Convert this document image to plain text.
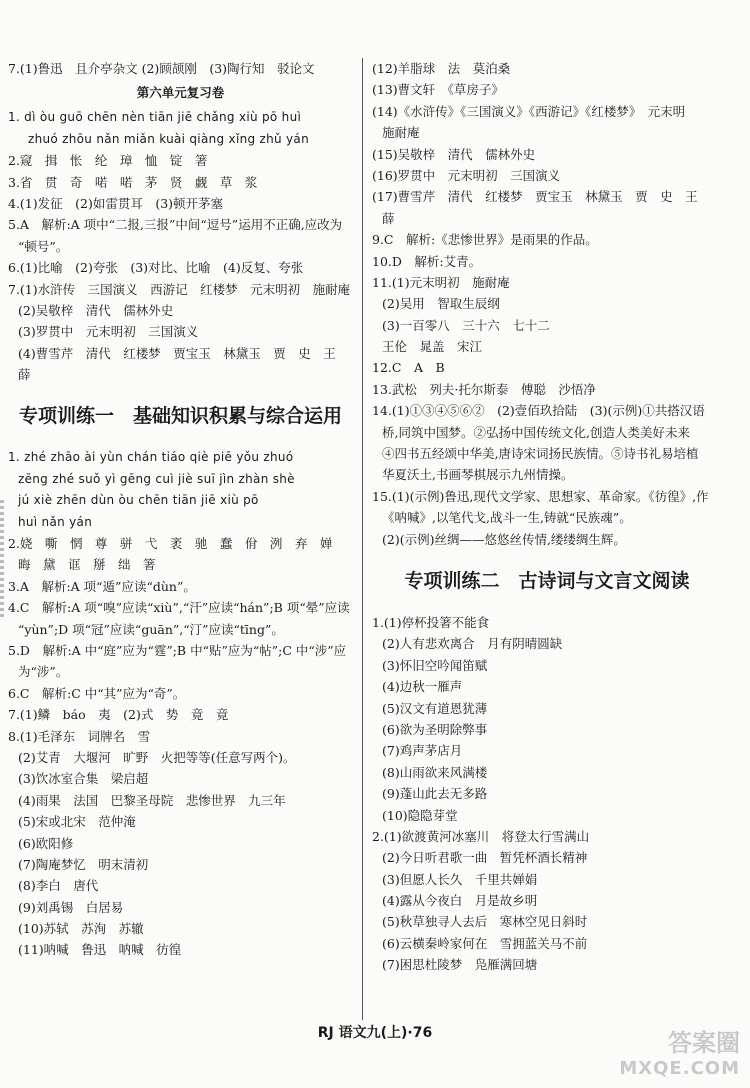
7.(1)鲁迅　且介亭杂文 (2)顾颉刚　(3)陶行知　驳论文
第六单元复习卷
1. dì òu guō chēn nèn tiān jiē chǎng xiù pō huì
zhuó zhōu nǎn miǎn kuài qiàng xǐng zhǔ yán
2.窥　揖　怅　纶　璋　恤　锭　箸
3.省　贯　奇　喏　喏　茅　贤　觑　草　浆
4.(1)发征　(2)如雷贯耳　(3)顿开茅塞
5.A　解析:A 项中“二报,三报”中间“逗号”运用不正确,应改为
“顿号”。
6.(1)比喻　(2)夸张　(3)对比、比喻　(4)反复、夸张
7.(1)水浒传　三国演义　西游记　红楼梦　元末明初　施耐庵
(2)吴敬梓　清代　儒林外史
(3)罗贯中　元末明初　三国演义
(4)曹雪芹　清代　红楼梦　贾宝玉　林黛玉　贾　史　王
薛
专项训练一　基础知识积累与综合运用
1. zhé zhāo ài yùn chán tiáo qiè piē yǒu zhuó
zēng zhé suǒ yì gēng cuì jiè suī jìn zhàn shè
jú xiè zhēn dùn òu chēn tiān jiē xiù pō
huì nǎn yán
2.娆　嘶　惘　尊　骈　弋　袤　驰　蠢　佾　洌　弃　婵
晦　黛　诓　掰　绌　箸
3.A　解析:A 项“遁”应读“dùn”。
4.C　解析:A 项“嗅”应读“xiù”,“汗”应读“hán”;B 项“晕”应读
“yùn”;D 项“冠”应读“guān”,“汀”应读“tīng”。
5.D　解析:A 中“庭”应为“霆”;B 中“贴”应为“帖”;C 中“涉”应
为“涉”。
6.C　解析:C 中“其”应为“奇”。
7.(1)鳞　báo　夷　(2)式　势　竟　竟
8.(1)毛泽东　词牌名　雪
(2)艾青　大堰河　旷野　火把等等(任意写两个)。
(3)饮冰室合集　梁启超
(4)雨果　法国　巴黎圣母院　悲惨世界　九三年
(5)宋或北宋　范仲淹
(6)欧阳修
(7)陶庵梦忆　明末清初
(8)李白　唐代
(9)刘禹锡　白居易
(10)苏轼　苏洵　苏辙
(11)呐喊　鲁迅　呐喊　彷徨
(12)羊脂球　法　莫泊桑
(13)曹文轩　《草房子》
(14)《水浒传》《三国演义》《西游记》《红楼梦》　元末明
施耐庵
(15)吴敬梓　清代　儒林外史
(16)罗贯中　元末明初　三国演义
(17)曹雪芹　清代　红楼梦　贾宝玉　林黛玉　贾　史　王
薛
9.C　解析:《悲惨世界》是雨果的作品。
10.D　解析:艾青。
11.(1)元末明初　施耐庵
(2)吴用　智取生辰纲
(3)一百零八　三十六　七十二
王伦　晁盖　宋江
12.C　A　B
13.武松　列夫·托尔斯泰　傅聪　沙悟净
14.(1)①③④⑤⑥②　(2)壹佰玖拾陆　(3)(示例)①共搭汉语
桥,同筑中国梦。②弘扬中国传统文化,创造人类美好未来
④四书五经颂中华美,唐诗宋词扬民族情。⑤诗书礼易培植
华夏沃土,书画琴棋展示九州情操。
15.(1)(示例)鲁迅,现代文学家、思想家、革命家。《彷徨》,作
《呐喊》,以笔代戈,战斗一生,铸就“民族魂”。
(2)(示例)丝绸——悠悠丝传情,缕缕绸生辉。
专项训练二　古诗词与文言文阅读
1.(1)停杯投箸不能食
(2)人有悲欢离合　月有阴晴圆缺
(3)怀旧空吟闻笛赋
(4)边秋一雁声
(5)汉文有道恩犹薄
(6)欲为圣明除弊事
(7)鸡声茅店月
(8)山雨欲来风满楼
(9)蓬山此去无多路
(10)隐隐芽堂
2.(1)欲渡黄河冰塞川　将登太行雪满山
(2)今日听君歌一曲　暂凭杯酒长精神
(3)但愿人长久　千里共婵娟
(4)露从今夜白　月是故乡明
(5)秋草独寻人去后　寒林空见日斜时
(6)云横秦岭家何在　雪拥蓝关马不前
(7)困思杜陵梦　凫雁满回塘
RJ 语文九(上)·76	答案圈
MXQE.COM
